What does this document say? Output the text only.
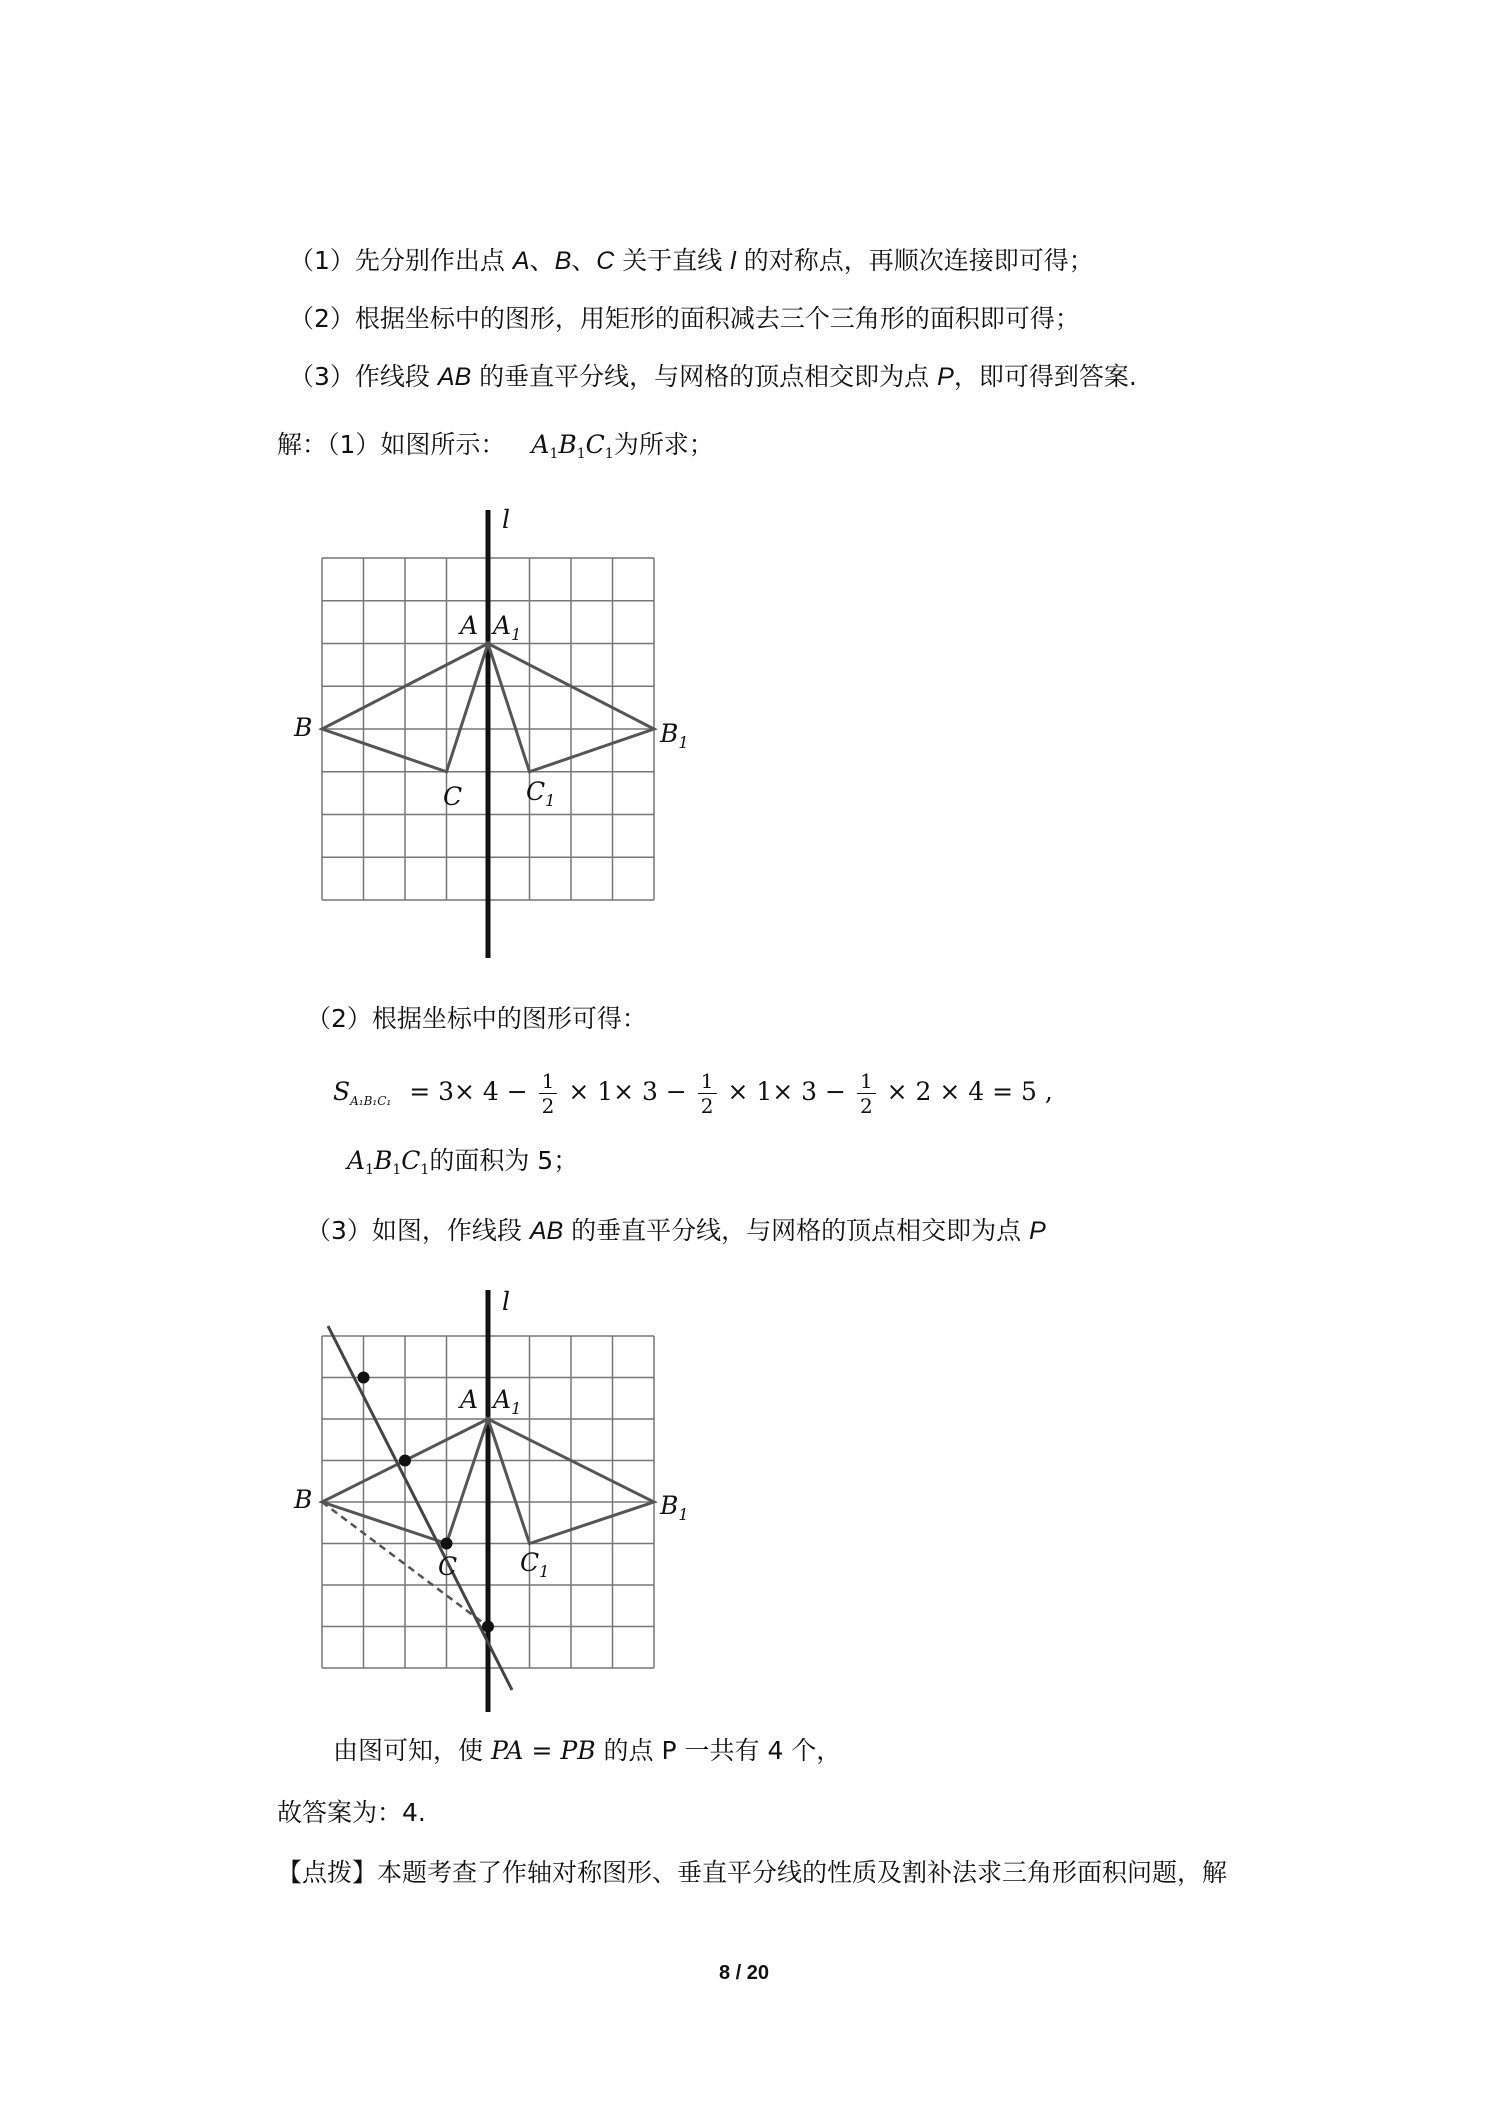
（1）先分别作出点 A、B、C 关于直线 l 的对称点，再顺次连接即可得；
（2）根据坐标中的图形，用矩形的面积减去三个三角形的面积即可得；
（3）作线段 AB 的垂直平分线，与网格的顶点相交即为点 P，即可得到答案.
解：（1）如图所示： $A_1B_1C_1$为所求；
l
A $A_1$
B	$B_1$
C	$C_1$
（2）根据坐标中的图形可得：
$S_{A_1B_1C_1} = 3\times 4 - \frac{1}{2} \times 1\times 3 - \frac{1}{2} \times 1\times 3 - \frac{1}{2} \times 2 \times 4 = 5$ ,
$A_1B_1C_1$的面积为 5；
（3）如图，作线段 AB 的垂直平分线，与网格的顶点相交即为点 P
l
A $A_1$
B	$B_1$
C	$C_1$
由图可知，使 PA = PB 的点 P 一共有 4 个，
故答案为：4.
【点拨】本题考查了作轴对称图形、垂直平分线的性质及割补法求三角形面积问题，解
8 / 20
